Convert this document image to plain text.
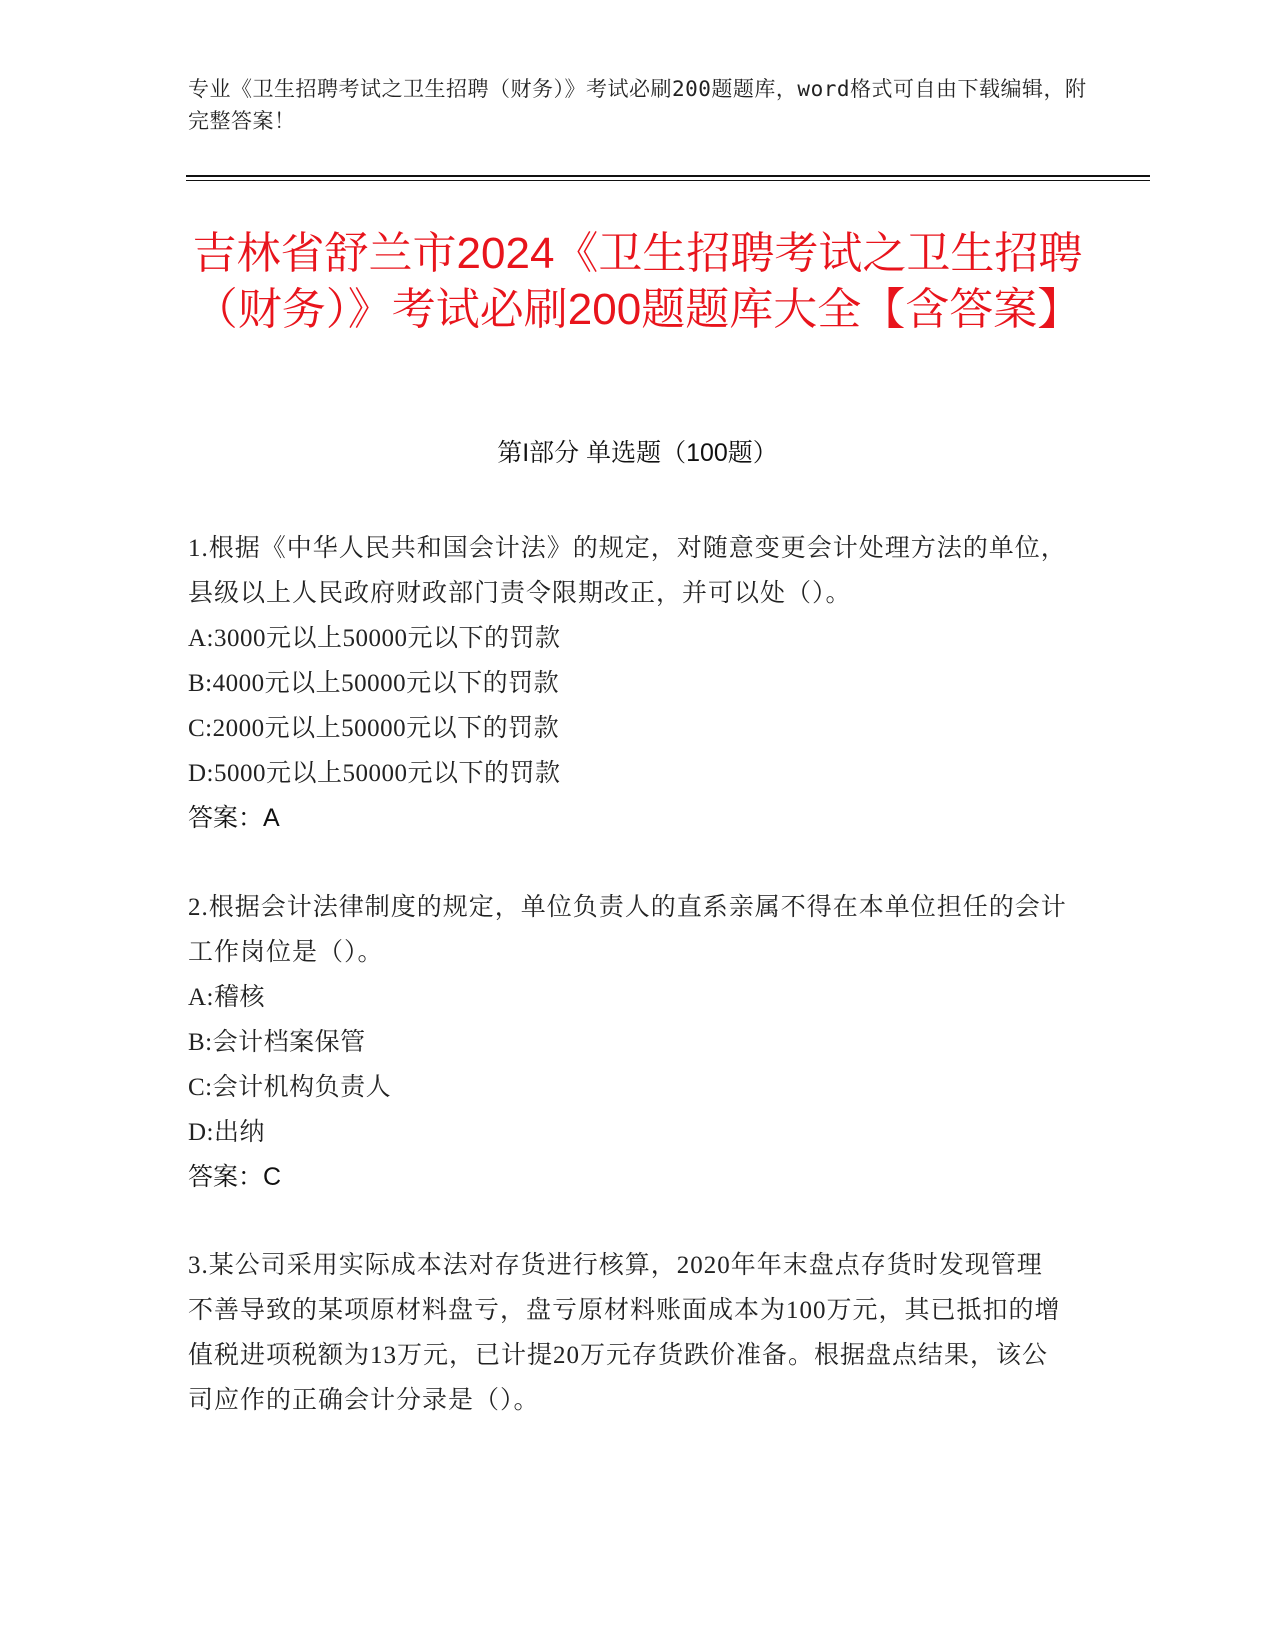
专业《卫生招聘考试之卫生招聘（财务）》考试必刷200题题库，word格式可自由下载编辑，附完整答案！
吉林省舒兰市2024《卫生招聘考试之卫生招聘（财务）》考试必刷200题题库大全【含答案】
第I部分 单选题（100题）
1.根据《中华人民共和国会计法》的规定，对随意变更会计处理方法的单位，县级以上人民政府财政部门责令限期改正，并可以处（）。
A:3000元以上50000元以下的罚款
B:4000元以上50000元以下的罚款
C:2000元以上50000元以下的罚款
D:5000元以上50000元以下的罚款
答案：A
2.根据会计法律制度的规定，单位负责人的直系亲属不得在本单位担任的会计工作岗位是（）。
A:稽核
B:会计档案保管
C:会计机构负责人
D:出纳
答案：C
3.某公司采用实际成本法对存货进行核算，2020年年末盘点存货时发现管理不善导致的某项原材料盘亏，盘亏原材料账面成本为100万元，其已抵扣的增值税进项税额为13万元，已计提20万元存货跌价准备。根据盘点结果，该公司应作的正确会计分录是（）。
